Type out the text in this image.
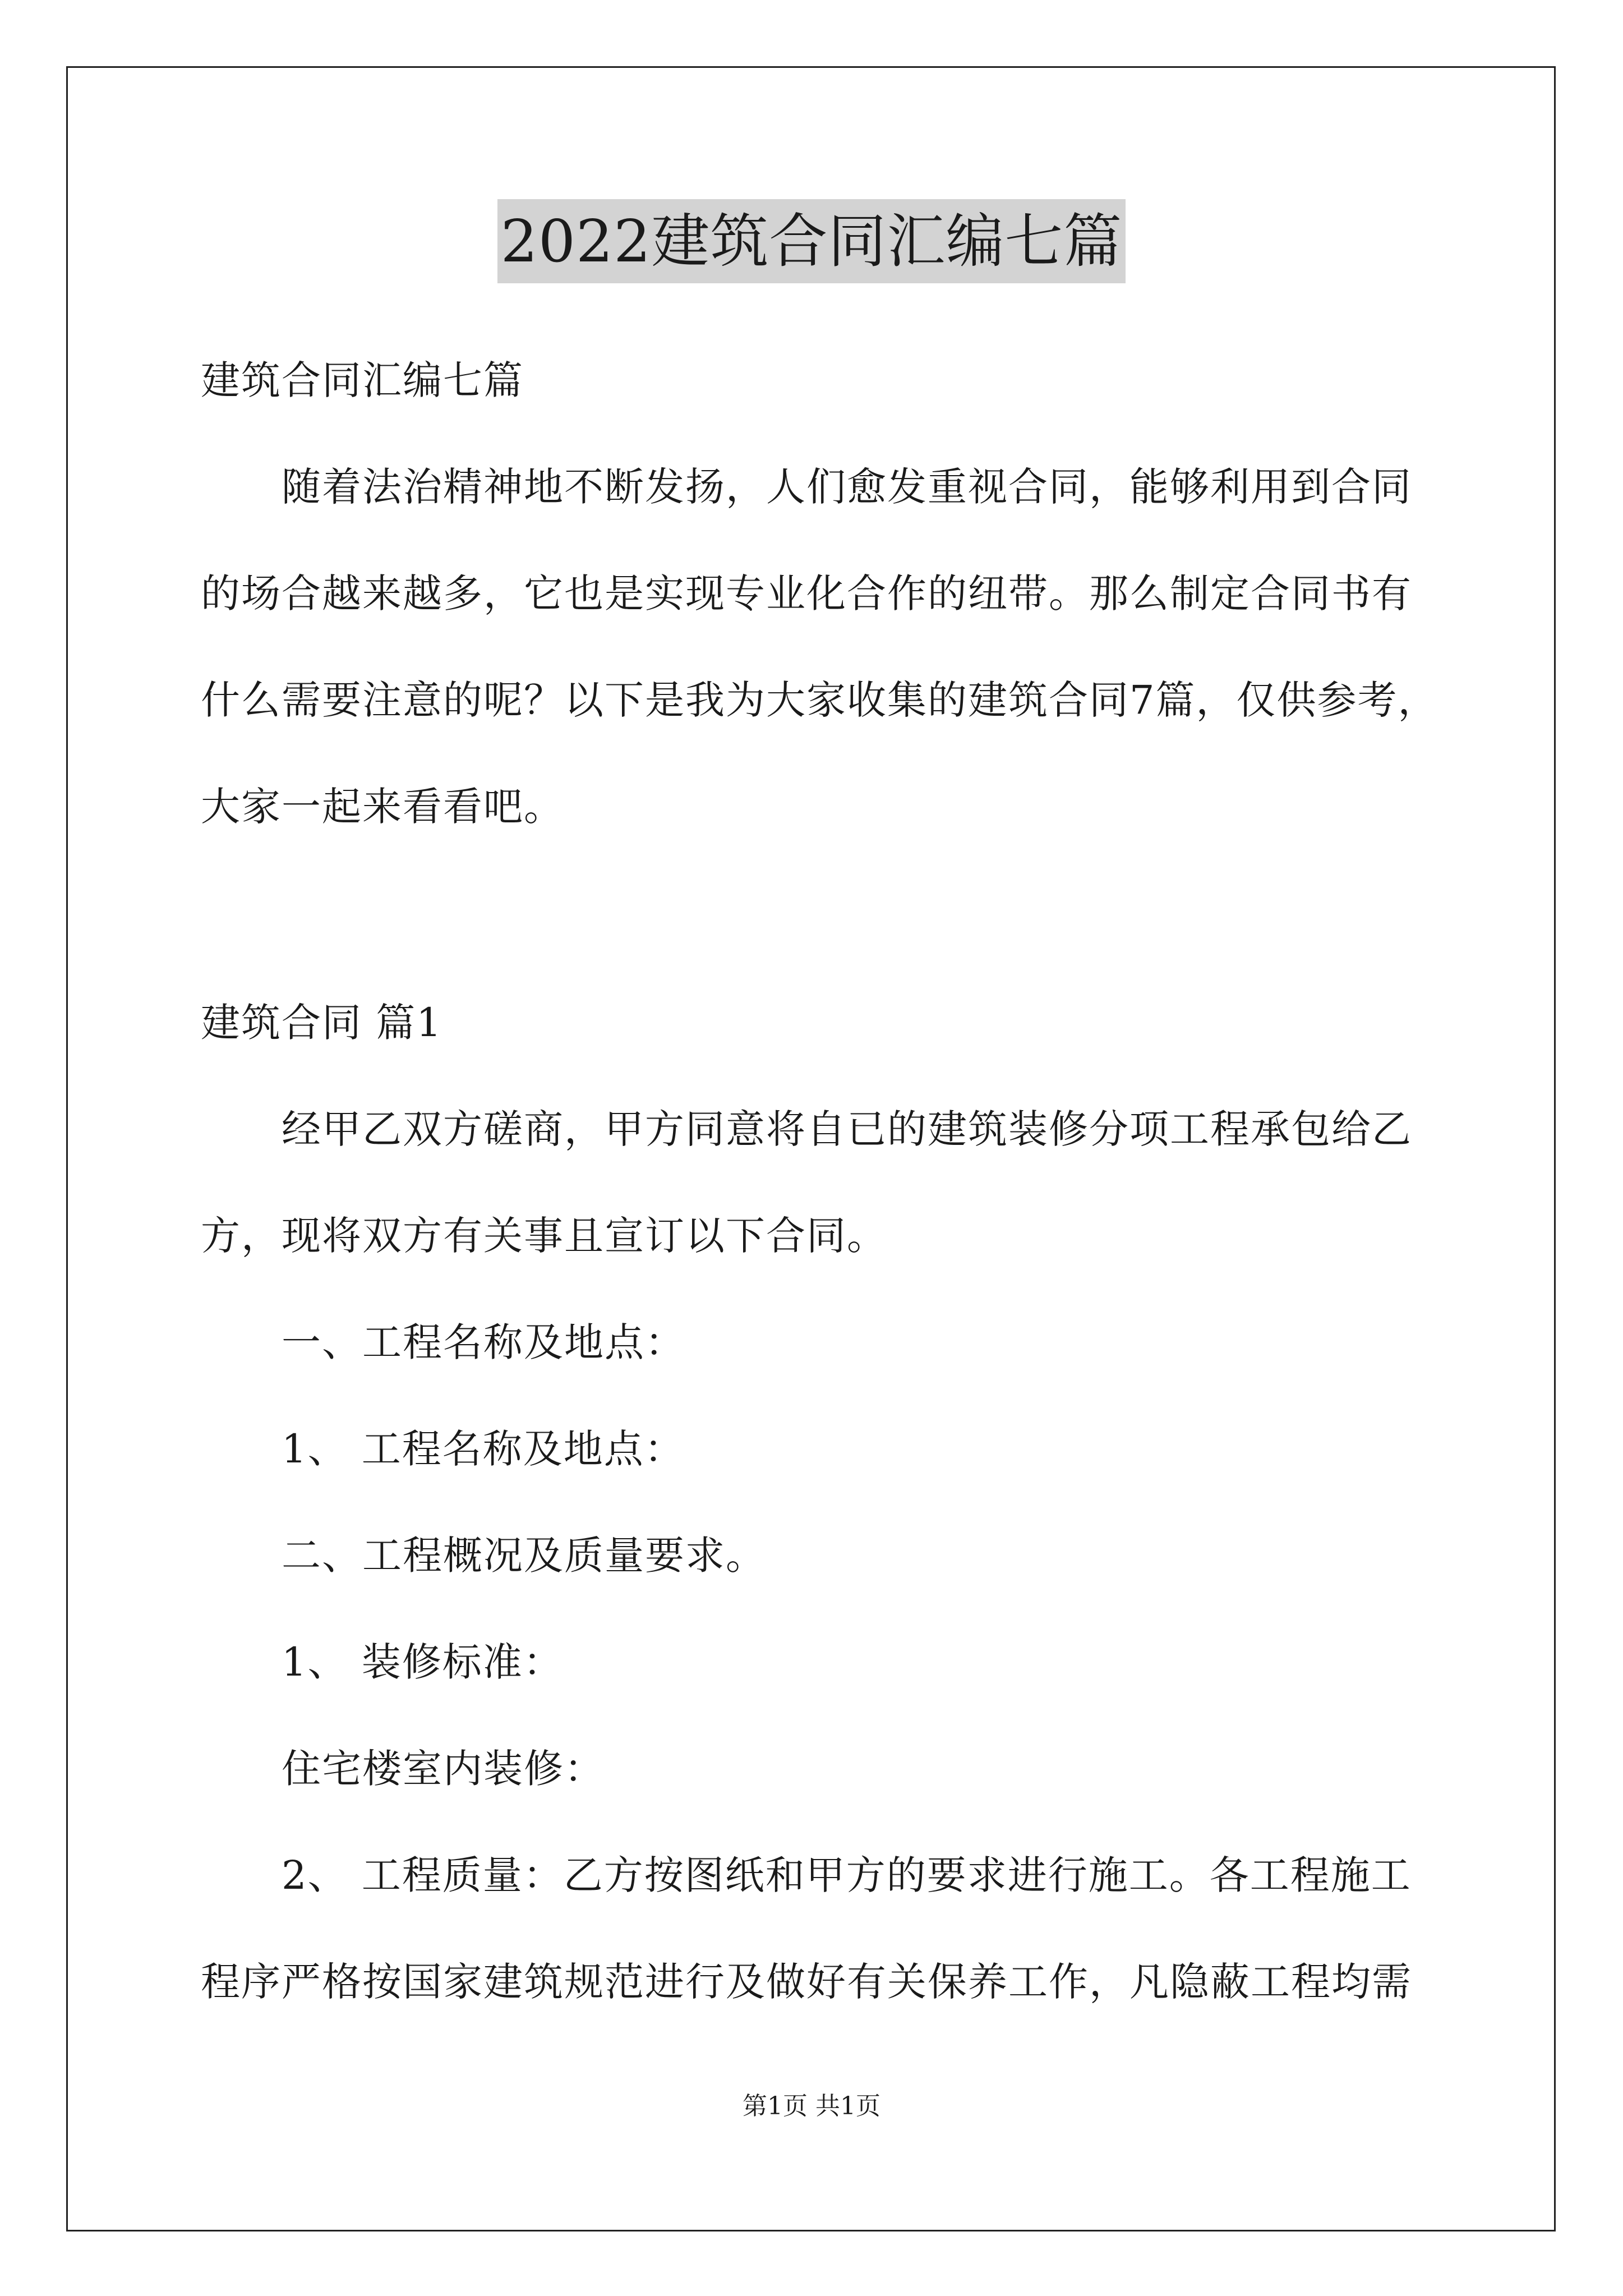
2022建筑合同汇编七篇
建筑合同汇编七篇
随着法治精神地不断发扬，人们愈发重视合同，能够利用到合同
的场合越来越多，它也是实现专业化合作的纽带。那么制定合同书有
什么需要注意的呢？以下是我为大家收集的建筑合同7篇，仅供参考，
大家一起来看看吧。
建筑合同 篇1
经甲乙双方磋商，甲方同意将自已的建筑装修分项工程承包给乙
方，现将双方有关事且宣订以下合同。
一、工程名称及地点：
1、 工程名称及地点：
二、工程概况及质量要求。
1、 装修标准：
住宅楼室内装修：
2、 工程质量：乙方按图纸和甲方的要求进行施工。各工程施工
程序严格按国家建筑规范进行及做好有关保养工作，凡隐蔽工程均需
第1页 共1页
